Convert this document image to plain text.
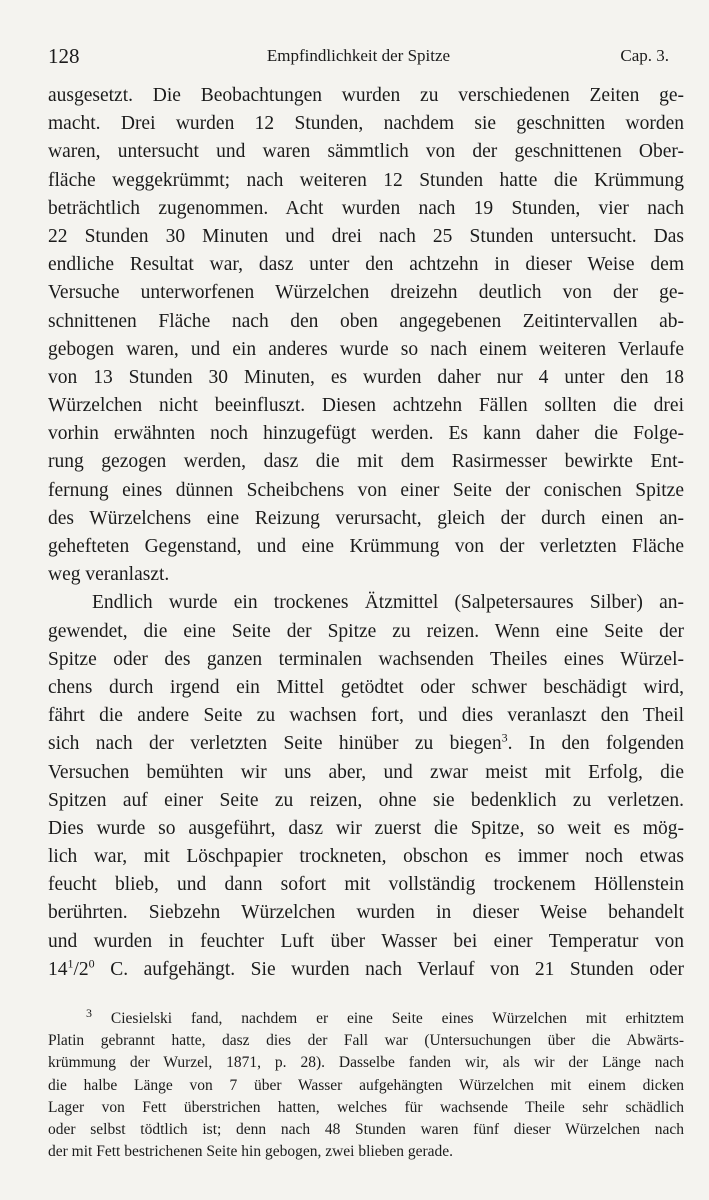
128	Empfindlichkeit der Spitze	Cap. 3.
ausgesetzt. Die Beobachtungen wurden zu verschiedenen Zeiten ge-
macht. Drei wurden 12 Stunden, nachdem sie geschnitten worden
waren, untersucht und waren sämmtlich von der geschnittenen Ober-
fläche weggekrümmt; nach weiteren 12 Stunden hatte die Krümmung
beträchtlich zugenommen. Acht wurden nach 19 Stunden, vier nach
22 Stunden 30 Minuten und drei nach 25 Stunden untersucht. Das
endliche Resultat war, dasz unter den achtzehn in dieser Weise dem
Versuche unterworfenen Würzelchen dreizehn deutlich von der ge-
schnittenen Fläche nach den oben angegebenen Zeitintervallen ab-
gebogen waren, und ein anderes wurde so nach einem weiteren Verlaufe
von 13 Stunden 30 Minuten, es wurden daher nur 4 unter den 18
Würzelchen nicht beeinfluszt. Diesen achtzehn Fällen sollten die drei
vorhin erwähnten noch hinzugefügt werden. Es kann daher die Folge-
rung gezogen werden, dasz die mit dem Rasirmesser bewirkte Ent-
fernung eines dünnen Scheibchens von einer Seite der conischen Spitze
des Würzelchens eine Reizung verursacht, gleich der durch einen an-
gehefteten Gegenstand, und eine Krümmung von der verletzten Fläche
weg veranlaszt.
Endlich wurde ein trockenes Ätzmittel (Salpetersaures Silber) an-
gewendet, die eine Seite der Spitze zu reizen. Wenn eine Seite der
Spitze oder des ganzen terminalen wachsenden Theiles eines Würzel-
chens durch irgend ein Mittel getödtet oder schwer beschädigt wird,
fährt die andere Seite zu wachsen fort, und dies veranlaszt den Theil
sich nach der verletzten Seite hinüber zu biegen$^3$. In den folgenden
Versuchen bemühten wir uns aber, und zwar meist mit Erfolg, die
Spitzen auf einer Seite zu reizen, ohne sie bedenklich zu verletzen.
Dies wurde so ausgeführt, dasz wir zuerst die Spitze, so weit es mög-
lich war, mit Löschpapier trockneten, obschon es immer noch etwas
feucht blieb, und dann sofort mit vollständig trockenem Höllenstein
berührten. Siebzehn Würzelchen wurden in dieser Weise behandelt
und wurden in feuchter Luft über Wasser bei einer Temperatur von
$14^1/2^0$ C. aufgehängt. Sie wurden nach Verlauf von 21 Stunden oder
$^3$ Ciesielski fand, nachdem er eine Seite eines Würzelchen mit erhitztem
Platin gebrannt hatte, dasz dies der Fall war (Untersuchungen über die Abwärts-
krümmung der Wurzel, 1871, p. 28). Dasselbe fanden wir, als wir der Länge nach
die halbe Länge von 7 über Wasser aufgehängten Würzelchen mit einem dicken
Lager von Fett überstrichen hatten, welches für wachsende Theile sehr schädlich
oder selbst tödtlich ist; denn nach 48 Stunden waren fünf dieser Würzelchen nach
der mit Fett bestrichenen Seite hin gebogen, zwei blieben gerade.
